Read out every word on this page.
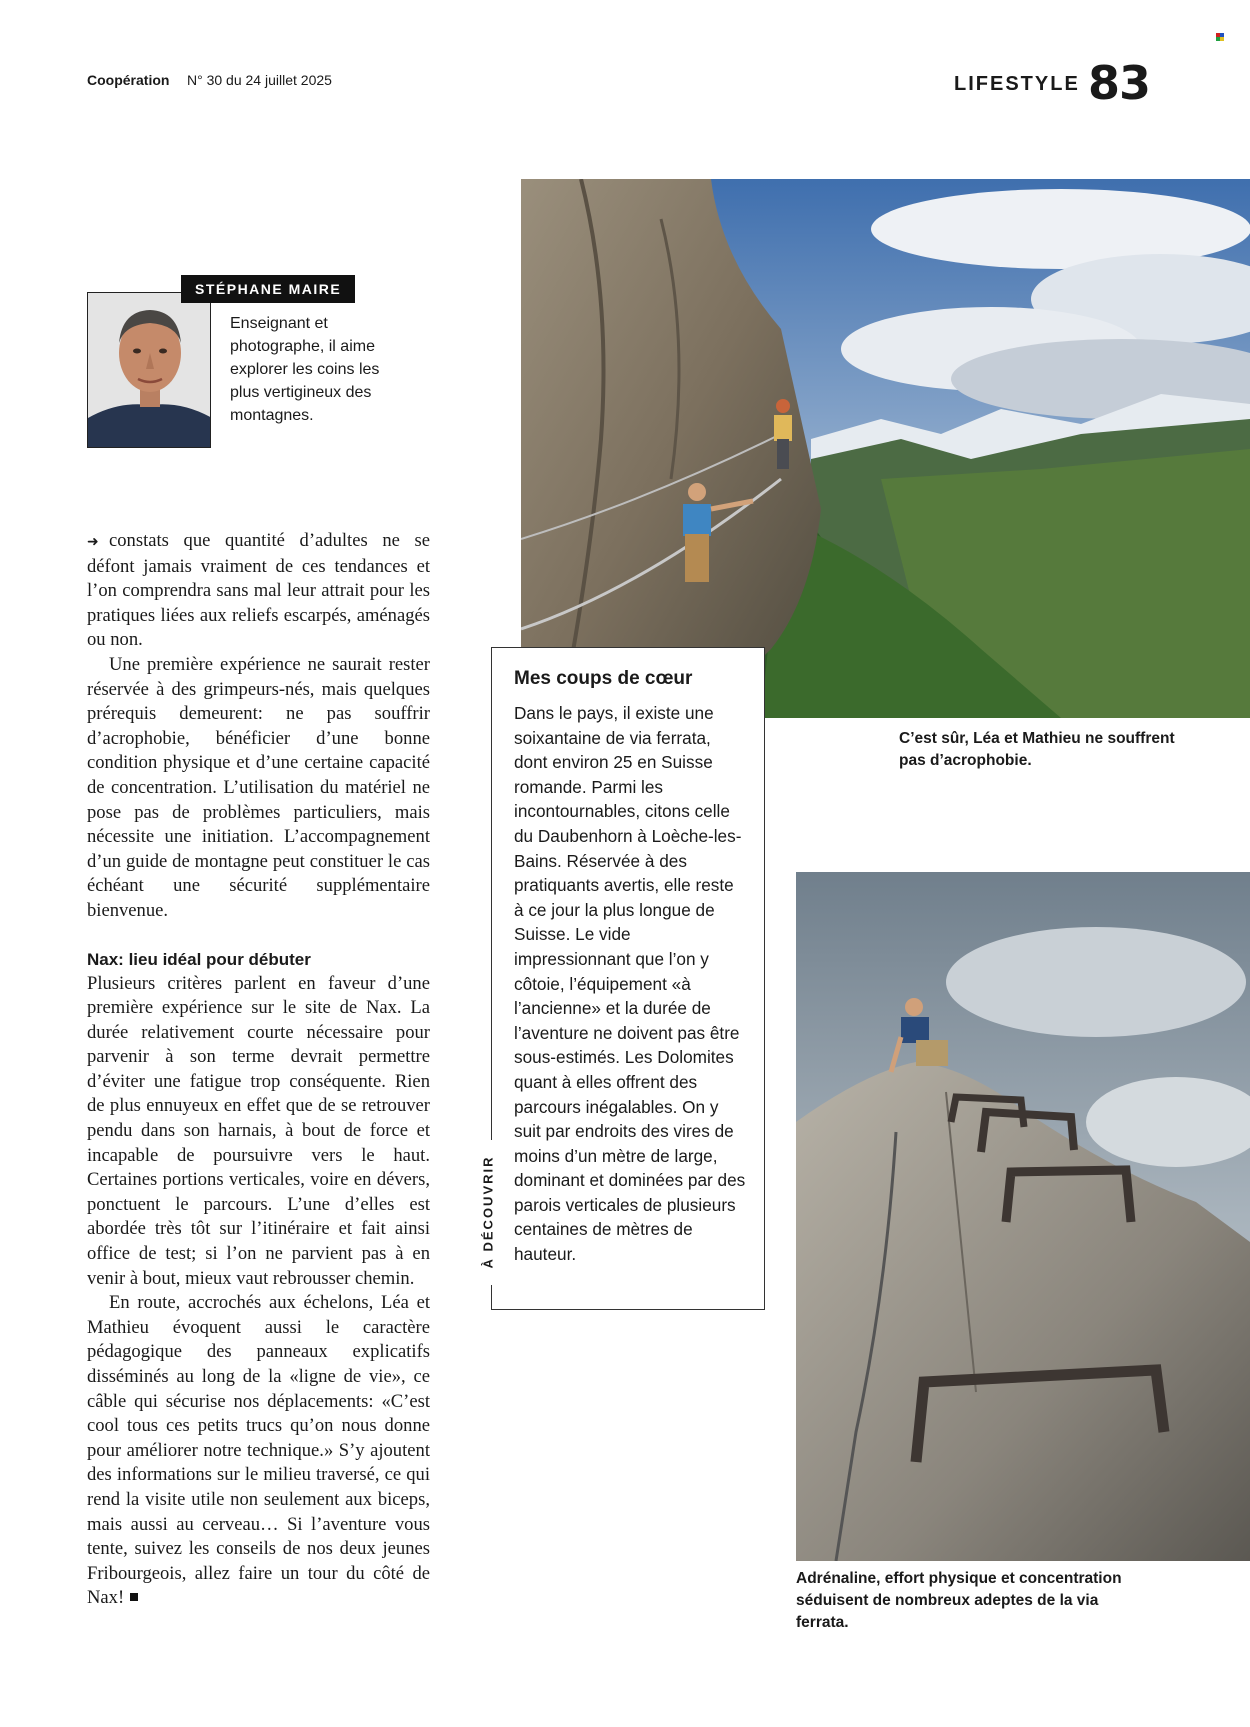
Coopération N° 30 du 24 juillet 2025	LIFESTYLE 83
STÉPHANE MAIRE
Enseignant et photographe, il aime explorer les coins les plus vertigineux des montagnes.

➜ constats que quantité d’adultes ne se défont jamais vraiment de ces tendances et l’on comprendra sans mal leur attrait pour les pratiques liées aux reliefs escarpés, aménagés ou non.

Une première expérience ne saurait rester réservée à des grimpeurs-nés, mais quelques prérequis demeurent: ne pas souffrir d’acrophobie, bénéficier d’une bonne condition physique et d’une certaine capacité de concentration. L’utilisation du matériel ne pose pas de problèmes particuliers, mais nécessite une initiation. L’accompagnement d’un guide de montagne peut constituer le cas échéant une sécurité supplémentaire bienvenue.

Nax: lieu idéal pour débuter

Plusieurs critères parlent en faveur d’une première expérience sur le site de Nax. La durée relativement courte nécessaire pour parvenir à son terme devrait permettre d’éviter une fatigue trop conséquente. Rien de plus ennuyeux en effet que de se retrouver pendu dans son harnais, à bout de force et incapable de poursuivre vers le haut. Certaines portions verticales, voire en dévers, ponctuent le parcours. L’une d’elles est abordée très tôt sur l’itinéraire et fait ainsi office de test; si l’on ne parvient pas à en venir à bout, mieux vaut rebrousser chemin.

En route, accrochés aux échelons, Léa et Mathieu évoquent aussi le caractère pédagogique des panneaux explicatifs disséminés au long de la «ligne de vie», ce câble qui sécurise nos déplacements: «C’est cool tous ces petits trucs qu’on nous donne pour améliorer notre technique.» S’y ajoutent des informations sur le milieu traversé, ce qui rend la visite utile non seulement aux biceps, mais aussi au cerveau… Si l’aventure vous tente, suivez les conseils de nos deux jeunes Fribourgeois, allez faire un tour du côté de Nax!

C’est sûr, Léa et Mathieu ne souffrent pas d’acrophobie.
Mes coups de cœur
Dans le pays, il existe une soixantaine de via ferrata, dont environ 25 en Suisse romande. Parmi les incontournables, citons celle du Daubenhorn à Loèche-les-Bains. Réservée à des pratiquants avertis, elle reste à ce jour la plus longue de Suisse. Le vide impressionnant que l’on y côtoie, l’équipement «à l’ancienne» et la durée de l’aventure ne doivent pas être sous-estimés. Les Dolomites quant à elles offrent des parcours inégalables. On y suit par endroits des vires de moins d’un mètre de large, dominant et dominées par des parois verticales de plusieurs centaines de mètres de hauteur.
À DÉCOUVRIR
Adrénaline, effort physique et concentration séduisent de nombreux adeptes de la via ferrata.
